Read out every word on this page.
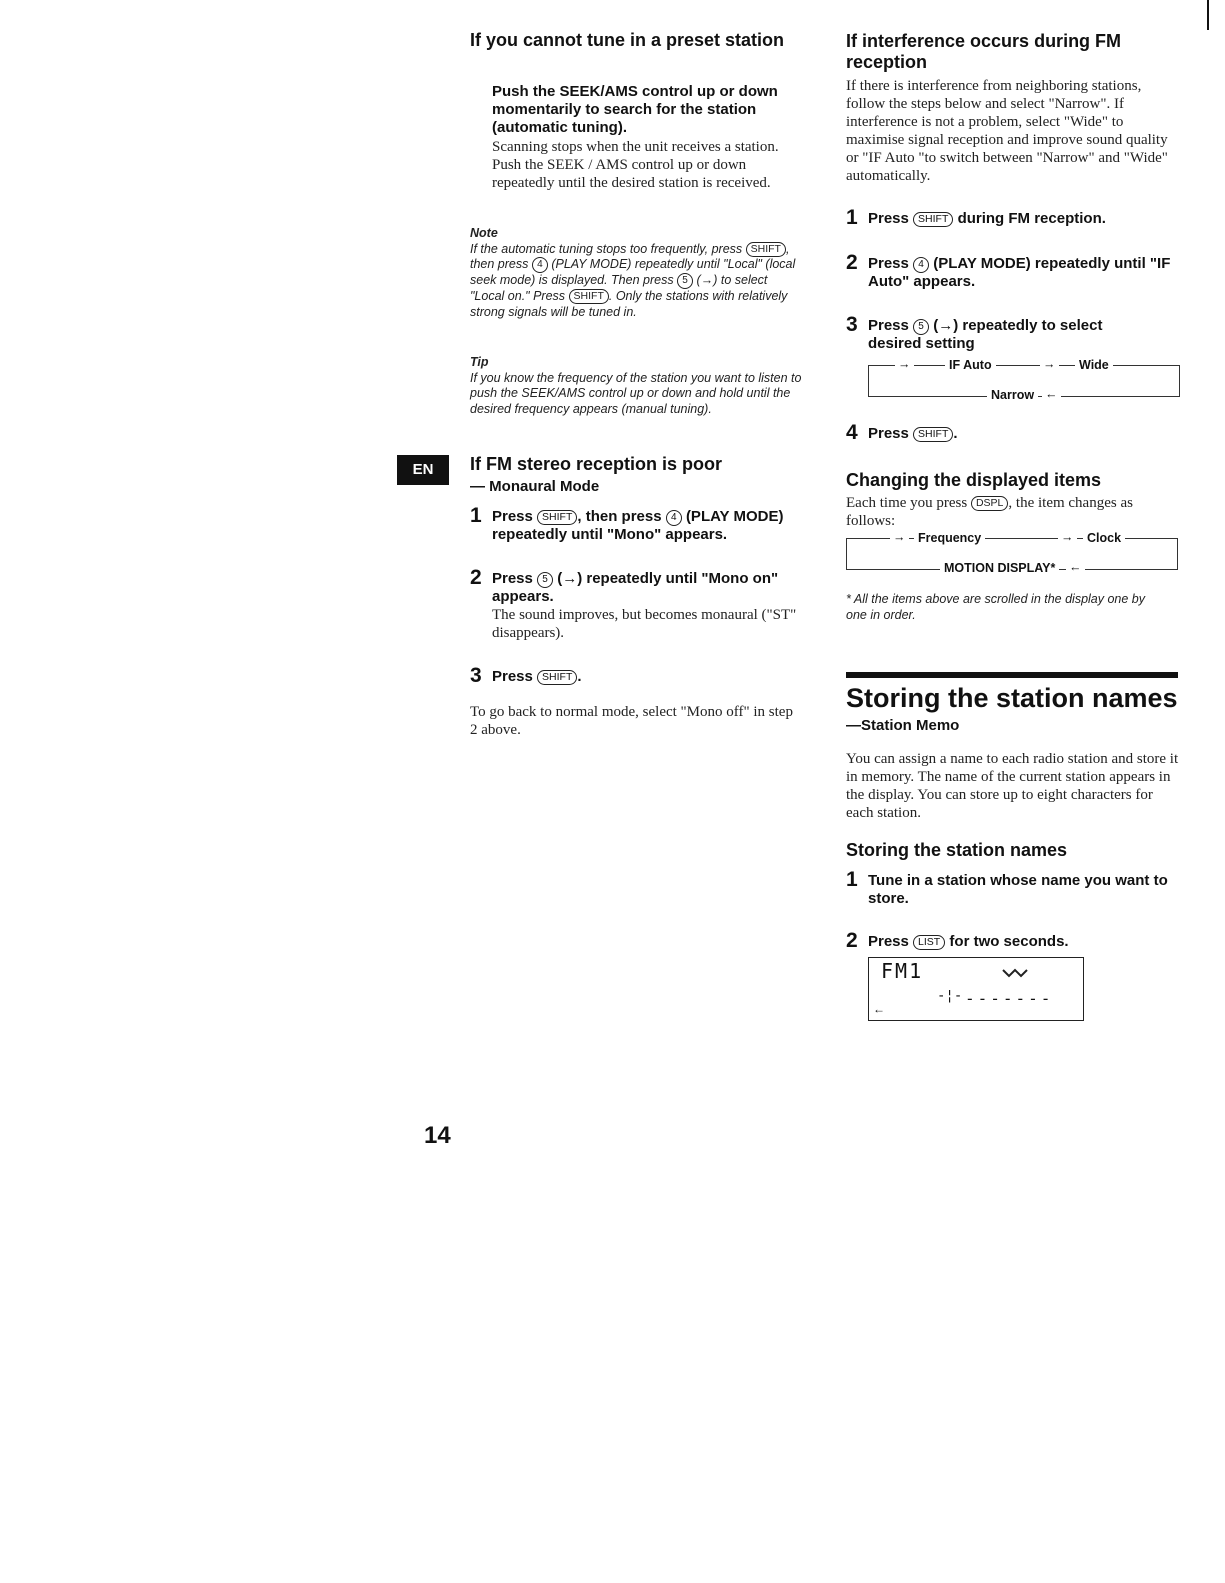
If you cannot tune in a preset station
Push the SEEK/AMS control up or down momentarily to search for the station (automatic tuning).
Scanning stops when the unit receives a station. Push the SEEK / AMS control up or down repeatedly until the desired station is received.
Note
If the automatic tuning stops too frequently, press SHIFT , then press 4 (PLAY MODE) repeatedly until "Local" (local seek mode) is displayed. Then press 5 (→) to select "Local on." Press SHIFT . Only the stations with relatively strong signals will be tuned in.
Tip
If you know the frequency of the station you want to listen to push the SEEK/AMS control up or down and hold until the desired frequency appears (manual tuning).
EN	If FM stereo reception is poor
— Monaural Mode
1 Press SHIFT , then press 4 (PLAY MODE) repeatedly until "Mono" appears.
2 Press 5 (→) repeatedly until "Mono on" appears.
The sound improves, but becomes monaural ("ST" disappears).
3 Press SHIFT .
To go back to normal mode, select "Mono off" in step 2 above.
14
If interference occurs during FM reception
If there is interference from neighboring stations, follow the steps below and select "Narrow". If interference is not a problem, select "Wide" to maximise signal reception and improve sound quality or "IF Auto "to switch between "Narrow" and "Wide" automatically.
1 Press SHIFT during FM reception.
2 Press 4 (PLAY MODE) repeatedly until "IF Auto" appears.
3 Press 5 (→) repeatedly to select desired setting
→	IF Auto	→	Wide
Narrow ←
4 Press SHIFT .
Changing the displayed items
Each time you press DSPL , the item changes as follows:
→	Frequency	→	Clock
MOTION DISPLAY*	←
* All the items above are scrolled in the display one by one in order.
Storing the station names
—Station Memo
You can assign a name to each radio station and store it in memory. The name of the current station appears in the display. You can store up to eight characters for each station.
Storing the station names
1 Tune in a station whose name you want to store.
2 Press LIST for two seconds.
FM1
-¦- -------
←
